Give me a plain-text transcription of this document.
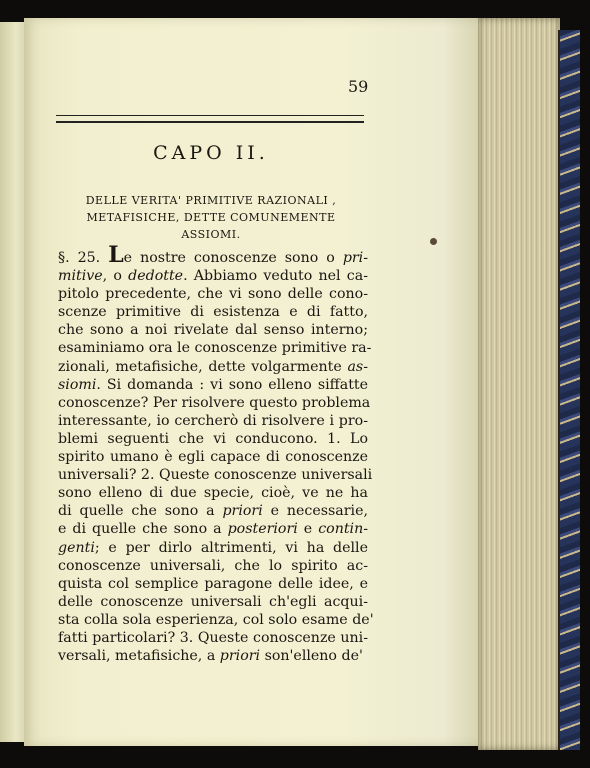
59
CAPO II.
DELLE VERITA' PRIMITIVE RAZIONALI ,
METAFISICHE, DETTE COMUNEMENTE
ASSIOMI.
§. 25. Le nostre conoscenze sono o pri-
mitive, o dedotte. Abbiamo veduto nel ca-
pitolo precedente, che vi sono delle cono-
scenze primitive di esistenza e di fatto,
che sono a noi rivelate dal senso interno;
esaminiamo ora le conoscenze primitive ra-
zionali, metafisiche, dette volgarmente as-
siomi. Si domanda : vi sono elleno siffatte
conoscenze? Per risolvere questo problema
interessante, io cercherò di risolvere i pro-
blemi seguenti che vi conducono. 1. Lo
spirito umano è egli capace di conoscenze
universali? 2. Queste conoscenze universali
sono elleno di due specie, cioè, ve ne ha
di quelle che sono a priori e necessarie,
e di quelle che sono a posteriori e contin-
genti; e per dirlo altrimenti, vi ha delle
conoscenze universali, che lo spirito ac-
quista col semplice paragone delle idee, e
delle conoscenze universali ch'egli acqui-
sta colla sola esperienza, col solo esame de'
fatti particolari? 3. Queste conoscenze uni-
versali, metafisiche, a priori son'elleno de'
